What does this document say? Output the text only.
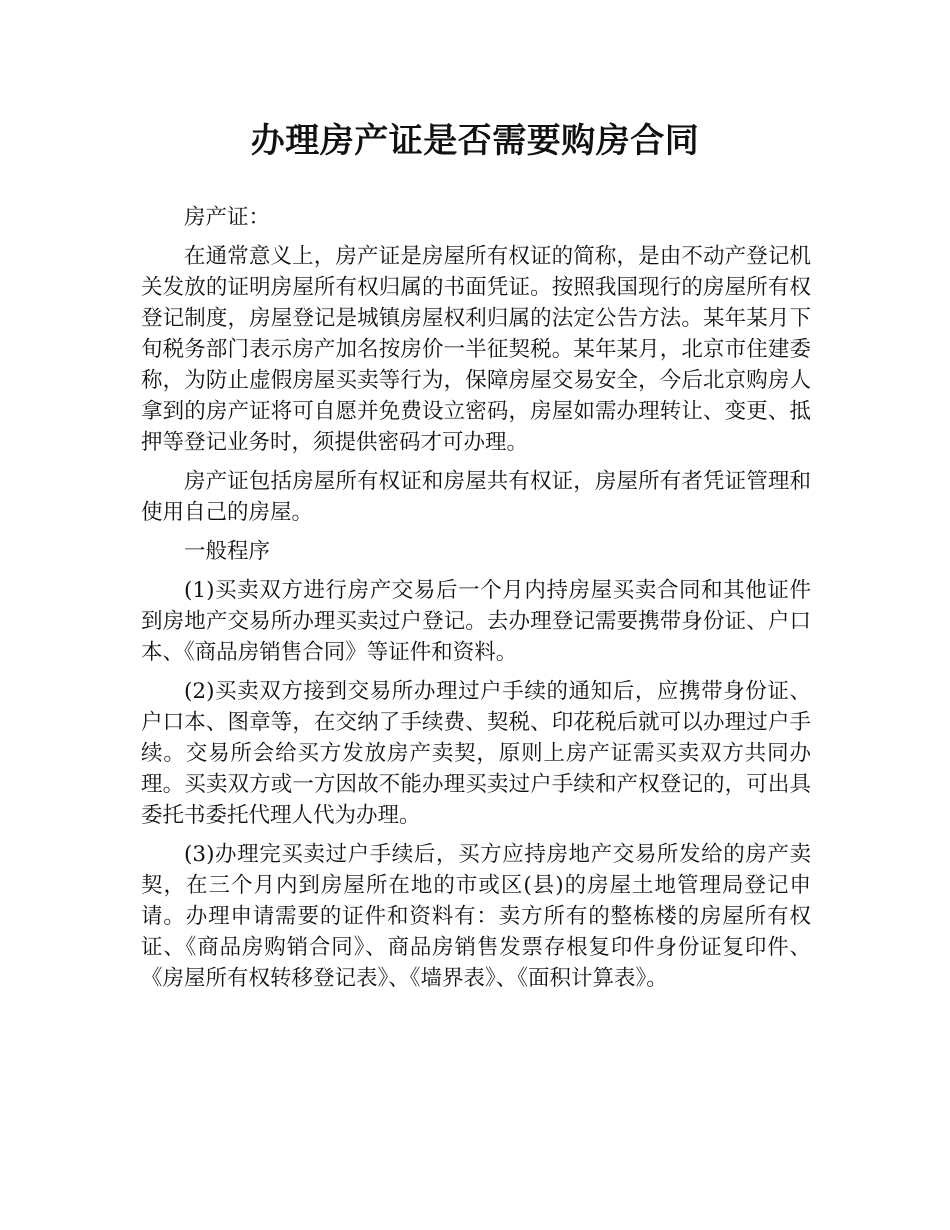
办理房产证是否需要购房合同

房产证：

在通常意义上，房产证是房屋所有权证的简称，是由不动产登记机关发放的证明房屋所有权归属的书面凭证。按照我国现行的房屋所有权登记制度，房屋登记是城镇房屋权利归属的法定公告方法。某年某月下旬税务部门表示房产加名按房价一半征契税。某年某月，北京市住建委称，为防止虚假房屋买卖等行为，保障房屋交易安全，今后北京购房人拿到的房产证将可自愿并免费设立密码，房屋如需办理转让、变更、抵押等登记业务时，须提供密码才可办理。

房产证包括房屋所有权证和房屋共有权证，房屋所有者凭证管理和使用自己的房屋。

一般程序

(1)买卖双方进行房产交易后一个月内持房屋买卖合同和其他证件到房地产交易所办理买卖过户登记。去办理登记需要携带身份证、户口本、《商品房销售合同》等证件和资料。

(2)买卖双方接到交易所办理过户手续的通知后，应携带身份证、户口本、图章等，在交纳了手续费、契税、印花税后就可以办理过户手续。交易所会给买方发放房产卖契，原则上房产证需买卖双方共同办理。买卖双方或一方因故不能办理买卖过户手续和产权登记的，可出具委托书委托代理人代为办理。

(3)办理完买卖过户手续后，买方应持房地产交易所发给的房产卖契，在三个月内到房屋所在地的市或区(县)的房屋土地管理局登记申请。办理申请需要的证件和资料有：卖方所有的整栋楼的房屋所有权证、《商品房购销合同》、商品房销售发票存根复印件身份证复印件、《房屋所有权转移登记表》、《墙界表》、《面积计算表》。
